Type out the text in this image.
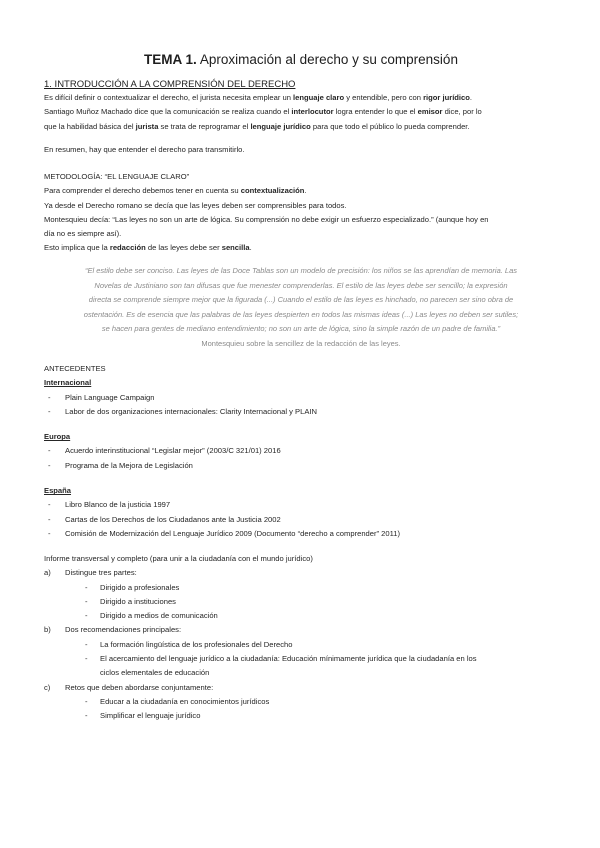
TEMA 1. Aproximación al derecho y su comprensión
1. INTRODUCCIÓN A LA COMPRENSIÓN DEL DERECHO
Es difícil definir o contextualizar el derecho, el jurista necesita emplear un lenguaje claro y entendible, pero con rigor jurídico.
Santiago Muñoz Machado dice que la comunicación se realiza cuando el interlocutor logra entender lo que el emisor dice, por lo
que la habilidad básica del jurista se trata de reprogramar el lenguaje jurídico para que todo el público lo pueda comprender.
En resumen, hay que entender el derecho para transmitirlo.
METODOLOGÍA: “EL LENGUAJE CLARO”
Para comprender el derecho debemos tener en cuenta su contextualización.
Ya desde el Derecho romano se decía que las leyes deben ser comprensibles para todos.
Montesquieu decía: “Las leyes no son un arte de lógica. Su comprensión no debe exigir un esfuerzo especializado.” (aunque hoy en
día no es siempre así).
Esto implica que la redacción de las leyes debe ser sencilla.
“El estilo debe ser conciso. Las leyes de las Doce Tablas son un modelo de precisión: los niños se las aprendían de memoria. Las
Novelas de Justiniano son tan difusas que fue menester comprenderlas. El estilo de las leyes debe ser sencillo; la expresión
directa se comprende siempre mejor que la figurada (...) Cuando el estilo de las leyes es hinchado, no parecen ser sino obra de
ostentación. Es de esencia que las palabras de las leyes despierten en todos las mismas ideas (...) Las leyes no deben ser sutiles;
se hacen para gentes de mediano entendimiento; no son un arte de lógica, sino la simple razón de un padre de familia.”
Montesquieu sobre la sencillez de la redacción de las leyes.
ANTECEDENTES
Internacional
- Plain Language Campaign
- Labor de dos organizaciones internacionales: Clarity Internacional y PLAIN
Europa
- Acuerdo interinstitucional “Legislar mejor” (2003/C 321/01) 2016
- Programa de la Mejora de Legislación
España
- Libro Blanco de la justicia 1997
- Cartas de los Derechos de los Ciudadanos ante la Justicia 2002
- Comisión de Modernización del Lenguaje Jurídico 2009 (Documento “derecho a comprender” 2011)
Informe transversal y completo (para unir a la ciudadanía con el mundo jurídico)
a) Distingue tres partes:
- Dirigido a profesionales
- Dirigido a instituciones
- Dirigido a medios de comunicación
b) Dos recomendaciones principales:
- La formación lingüística de los profesionales del Derecho
- El acercamiento del lenguaje jurídico a la ciudadanía: Educación mínimamente jurídica que la ciudadanía en los
ciclos elementales de educación
c) Retos que deben abordarse conjuntamente:
- Educar a la ciudadanía en conocimientos jurídicos
- Simplificar el lenguaje jurídico
